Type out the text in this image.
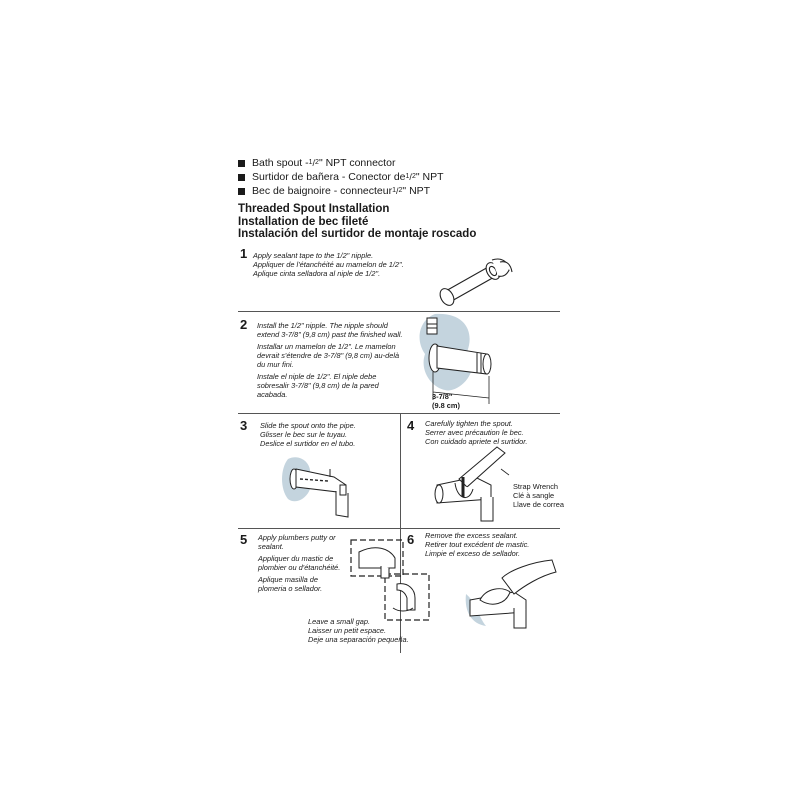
Bath spout - 1 / 2 " NPT connector
Surtidor de bañera - Conector de 1 / 2 " NPT
Bec de baignoire - connecteur 1 / 2 " NPT
Threaded Spout Installation
Installation de bec fileté
Instalación del surtidor de montaje roscado
1 Apply sealant tape to the 1/2" nipple.
Appliquer de l'étanchéité au mamelon de 1/2".
Aplique cinta selladora al niple de 1/2".
2 Install the 1/2" nipple. The nipple should
extend 3-7/8" (9,8 cm) past the finished wall.
Installar un mamelon de 1/2". Le mamelon
devrait s'étendre de 3-7/8" (9,8 cm) au-delà
du mur fini.
Instale el niple de 1/2". El niple debe
sobresalir 3-7/8" (9,8 cm) de la pared
acabada.	3-7/8"
(9.8 cm)
3 Slide the spout onto the pipe.
Glisser le bec sur le tuyau.
Deslice el surtidor en el tubo.
4 Carefully tighten the spout.
Serrer avec précaution le bec.
Con cuidado apriete el surtidor.
Strap Wrench
Clé à sangle
Llave de correa
5 Apply plumbers putty or
sealant.
Appliquer du mastic de
plombier ou d'étanchéité.
Aplique masilla de
plomeria o sellador.
Leave a small gap.
Laisser un petit espace.
Deje una separación pequeña.
6 Remove the excess sealant.
Retirer tout excédent de mastic.
Limpie el exceso de sellador.
